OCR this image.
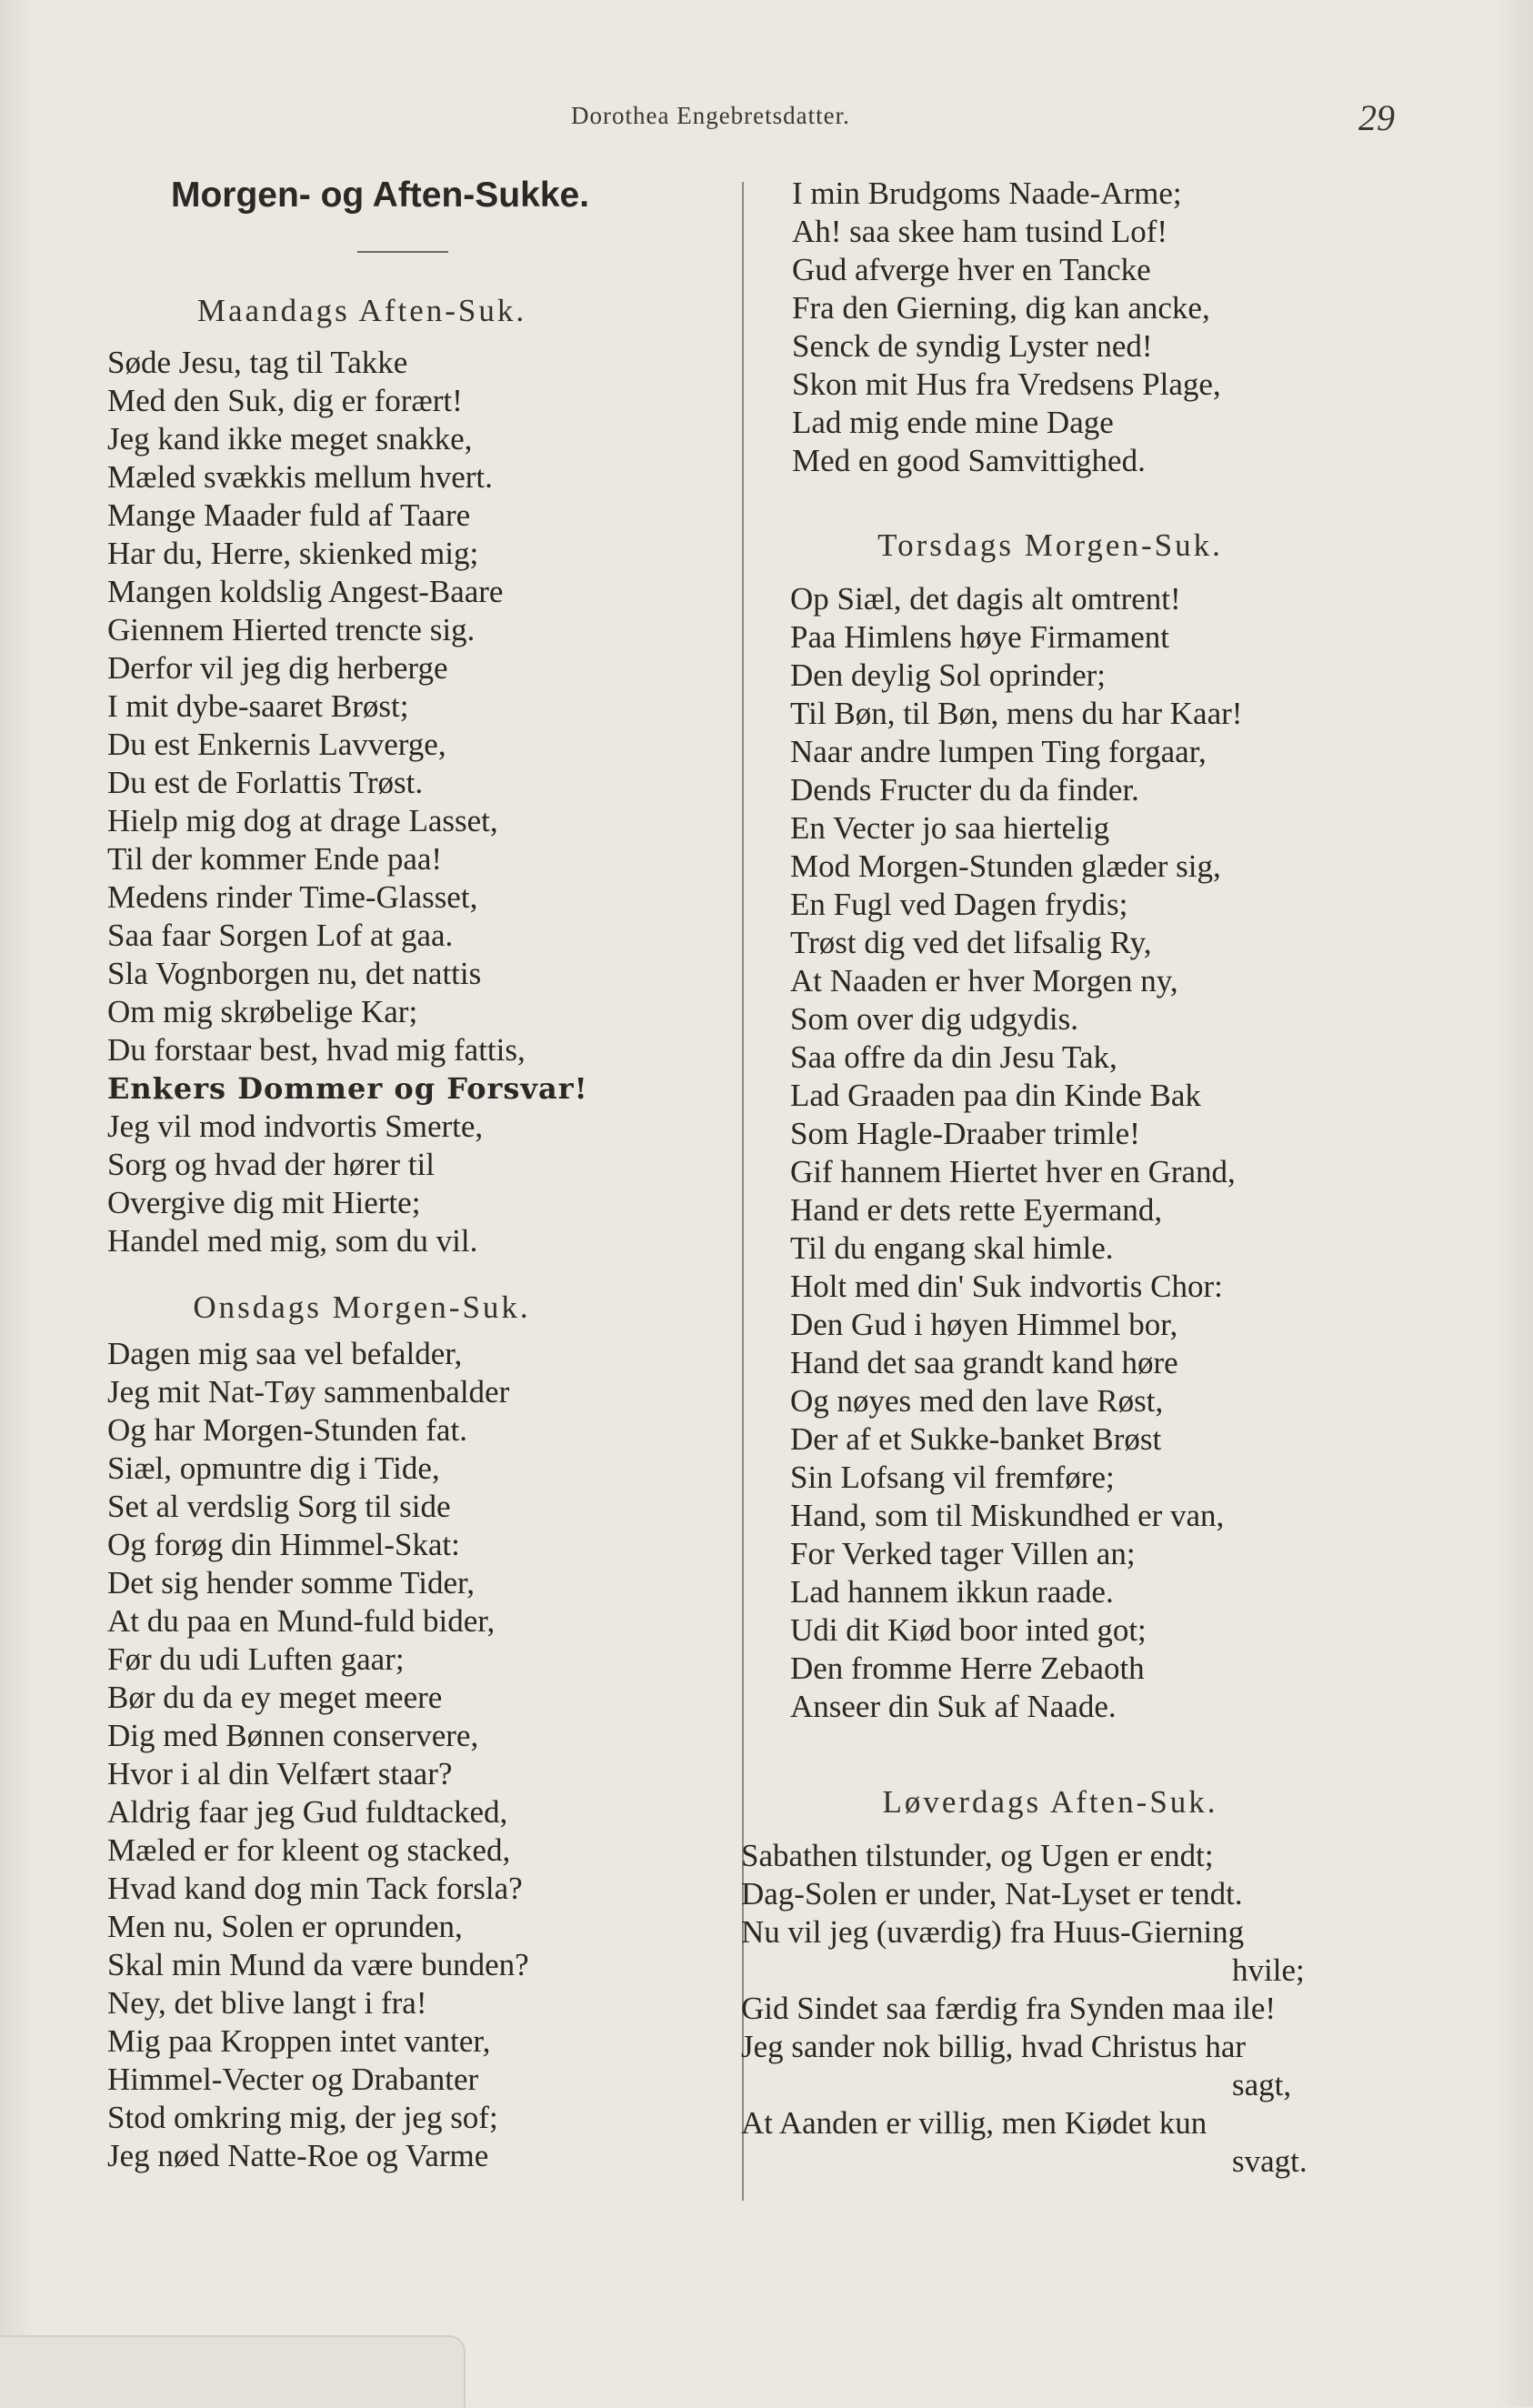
Dorothea Engebretsdatter.	29
Morgen- og Aften-Sukke.
Maandags Aften-Suk.
Søde Jesu, tag til Takke
Med den Suk, dig er forært!
Jeg kand ikke meget snakke,
Mæled svækkis mellum hvert.
Mange Maader fuld af Taare
Har du, Herre, skienked mig;
Mangen koldslig Angest-Baare
Giennem Hierted trencte sig.
Derfor vil jeg dig herberge
I mit dybe-saaret Brøst;
Du est Enkernis Lavverge,
Du est de Forlattis Trøst.
Hielp mig dog at drage Lasset,
Til der kommer Ende paa!
Medens rinder Time-Glasset,
Saa faar Sorgen Lof at gaa.
Sla Vognborgen nu, det nattis
Om mig skrøbelige Kar;
Du forstaar best, hvad mig fattis,
Enkers Dommer og Forsvar!
Jeg vil mod indvortis Smerte,
Sorg og hvad der hører til
Overgive dig mit Hierte;
Handel med mig, som du vil.
Onsdags Morgen-Suk.
Dagen mig saa vel befalder,
Jeg mit Nat-Tøy sammenbalder
Og har Morgen-Stunden fat.
Siæl, opmuntre dig i Tide,
Set al verdslig Sorg til side
Og forøg din Himmel-Skat:
Det sig hender somme Tider,
At du paa en Mund-fuld bider,
Før du udi Luften gaar;
Bør du da ey meget meere
Dig med Bønnen conservere,
Hvor i al din Velfært staar?
Aldrig faar jeg Gud fuldtacked,
Mæled er for kleent og stacked,
Hvad kand dog min Tack forsla?
Men nu, Solen er oprunden,
Skal min Mund da være bunden?
Ney, det blive langt i fra!
Mig paa Kroppen intet vanter,
Himmel-Vecter og Drabanter
Stod omkring mig, der jeg sof;
Jeg nøed Natte-Roe og Varme
I min Brudgoms Naade-Arme;
Ah! saa skee ham tusind Lof!
Gud afverge hver en Tancke
Fra den Gierning, dig kan ancke,
Senck de syndig Lyster ned!
Skon mit Hus fra Vredsens Plage,
Lad mig ende mine Dage
Med en good Samvittighed.
Torsdags Morgen-Suk.
Op Siæl, det dagis alt omtrent!
Paa Himlens høye Firmament
Den deylig Sol oprinder;
Til Bøn, til Bøn, mens du har Kaar!
Naar andre lumpen Ting forgaar,
Dends Fructer du da finder.
En Vecter jo saa hiertelig
Mod Morgen-Stunden glæder sig,
En Fugl ved Dagen frydis;
Trøst dig ved det lifsalig Ry,
At Naaden er hver Morgen ny,
Som over dig udgydis.
Saa offre da din Jesu Tak,
Lad Graaden paa din Kinde Bak
Som Hagle-Draaber trimle!
Gif hannem Hiertet hver en Grand,
Hand er dets rette Eyermand,
Til du engang skal himle.
Holt med din' Suk indvortis Chor:
Den Gud i høyen Himmel bor,
Hand det saa grandt kand høre
Og nøyes med den lave Røst,
Der af et Sukke-banket Brøst
Sin Lofsang vil fremføre;
Hand, som til Miskundhed er van,
For Verked tager Villen an;
Lad hannem ikkun raade.
Udi dit Kiød boor inted got;
Den fromme Herre Zebaoth
Anseer din Suk af Naade.
Løverdags Aften-Suk.
Sabathen tilstunder, og Ugen er endt;
Dag-Solen er under, Nat-Lyset er tendt.
Nu vil jeg (uværdig) fra Huus-Gierning
hvile;
Gid Sindet saa færdig fra Synden maa ile!
Jeg sander nok billig, hvad Christus har
sagt,
At Aanden er villig, men Kiødet kun
svagt.
